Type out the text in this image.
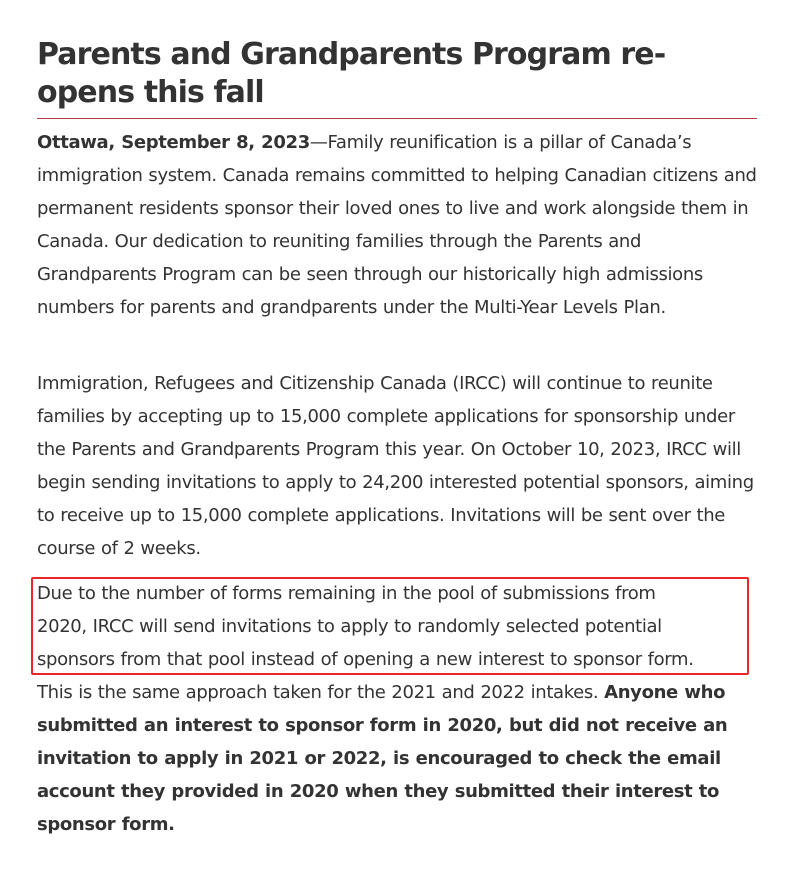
Parents and Grandparents Program re-opens this fall

Ottawa, September 8, 2023—Family reunification is a pillar of Canada’s immigration system. Canada remains committed to helping Canadian citizens and permanent residents sponsor their loved ones to live and work alongside them in Canada. Our dedication to reuniting families through the Parents and Grandparents Program can be seen through our historically high admissions numbers for parents and grandparents under the Multi-Year Levels Plan.

Immigration, Refugees and Citizenship Canada (IRCC) will continue to reunite families by accepting up to 15,000 complete applications for sponsorship under the Parents and Grandparents Program this year. On October 10, 2023, IRCC will begin sending invitations to apply to 24,200 interested potential sponsors, aiming to receive up to 15,000 complete applications. Invitations will be sent over the course of 2 weeks.

Due to the number of forms remaining in the pool of submissions from
2020, IRCC will send invitations to apply to randomly selected potential
sponsors from that pool instead of opening a new interest to sponsor form.
This is the same approach taken for the 2021 and 2022 intakes. Anyone who submitted an interest to sponsor form in 2020, but did not receive an invitation to apply in 2021 or 2022, is encouraged to check the email account they provided in 2020 when they submitted their interest to sponsor form.
